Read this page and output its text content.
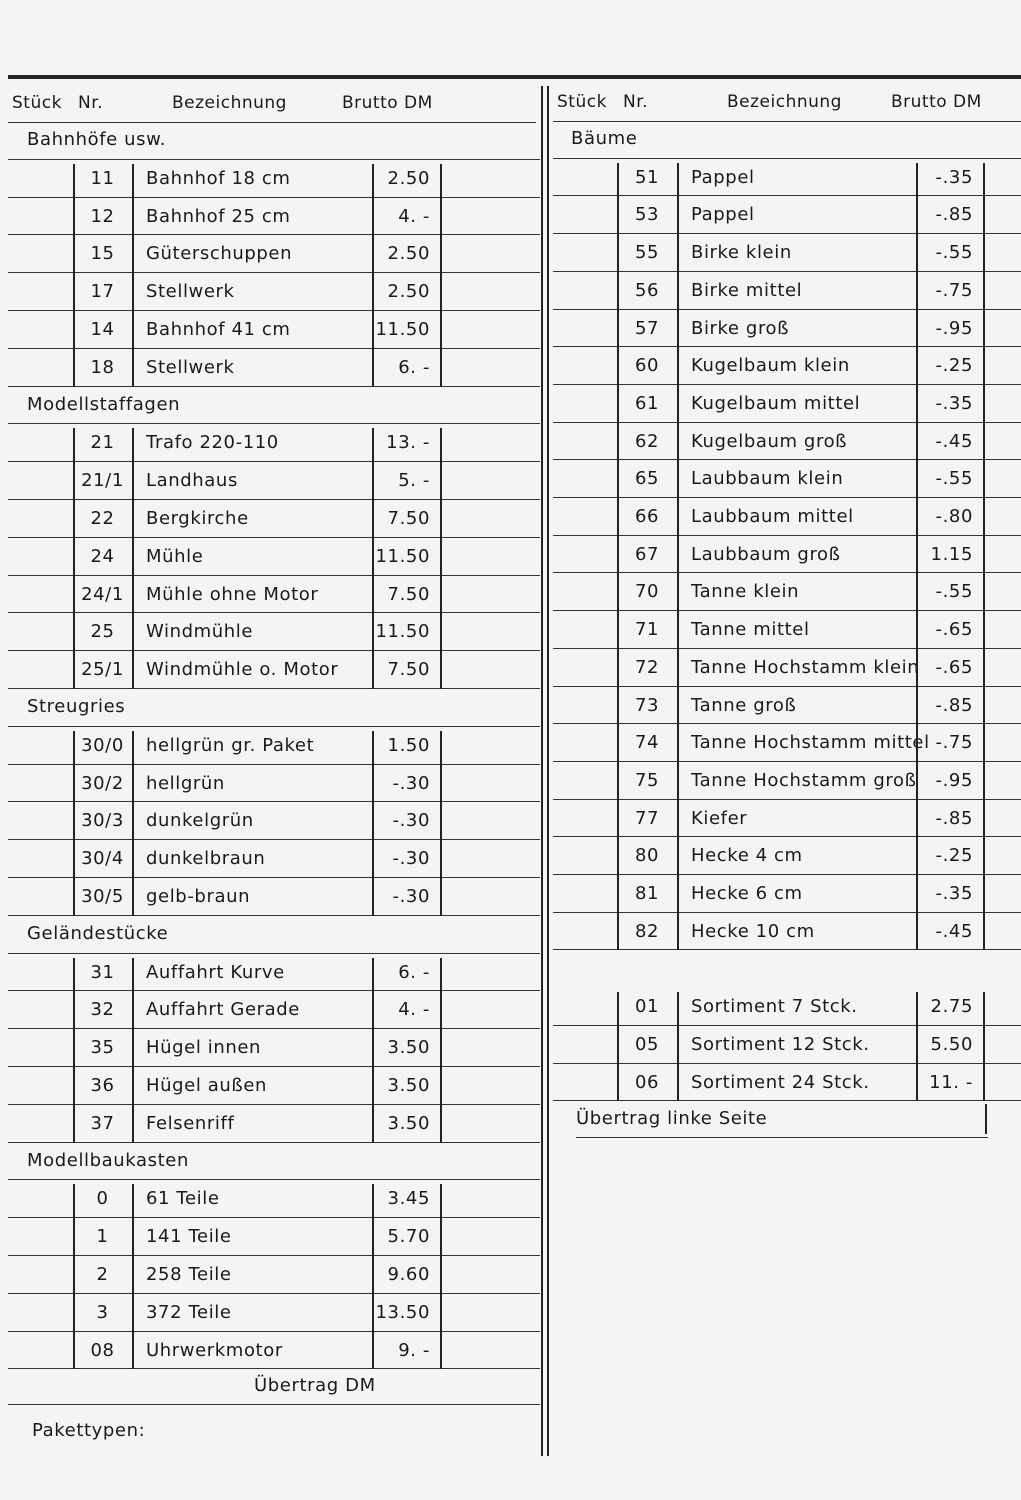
Stück Nr.	Bezeichnung	Brutto DM	Stück Nr.	Bezeichnung	Brutto DM
Bahnhöfe usw.
11	Bahnhof 18 cm	2.50
12	Bahnhof 25 cm	4. -
15	Güterschuppen	2.50
17	Stellwerk	2.50
14	Bahnhof 41 cm	11.50
18	Stellwerk	6. -
Modellstaffagen
21	Trafo 220-110	13. -
21/1	Landhaus	5. -
22	Bergkirche	7.50
24	Mühle	11.50
24/1	Mühle ohne Motor	7.50
25	Windmühle	11.50
25/1	Windmühle o. Motor	7.50
Streugries
30/0	hellgrün gr. Paket	1.50
30/2	hellgrün	-.30
30/3	dunkelgrün	-.30
30/4	dunkelbraun	-.30
30/5	gelb-braun	-.30
Geländestücke
31	Auffahrt Kurve	6. -
32	Auffahrt Gerade	4. -
35	Hügel innen	3.50
36	Hügel außen	3.50
37	Felsenriff	3.50
Modellbaukasten
0	61 Teile	3.45
1	141 Teile	5.70
2	258 Teile	9.60
3	372 Teile	13.50
08	Uhrwerkmotor	9. -
Bäume
51	Pappel	-.35
53	Pappel	-.85
55	Birke klein	-.55
56	Birke mittel	-.75
57	Birke groß	-.95
60	Kugelbaum klein	-.25
61	Kugelbaum mittel	-.35
62	Kugelbaum groß	-.45
65	Laubbaum klein	-.55
66	Laubbaum mittel	-.80
67	Laubbaum groß	1.15
70	Tanne klein	-.55
71	Tanne mittel	-.65
72	Tanne Hochstamm klein -.65
73	Tanne groß	-.85
74	Tanne Hochstamm mittel -.75
75	Tanne Hochstamm groß	-.95
77	Kiefer	-.85
80	Hecke 4 cm	-.25
81	Hecke 6 cm	-.35
82	Hecke 10 cm	-.45
01	Sortiment 7 Stck.	2.75
05	Sortiment 12 Stck.	5.50
06	Sortiment 24 Stck.	11. -
Übertrag DM
Pakettypen:
Übertrag linke Seite
